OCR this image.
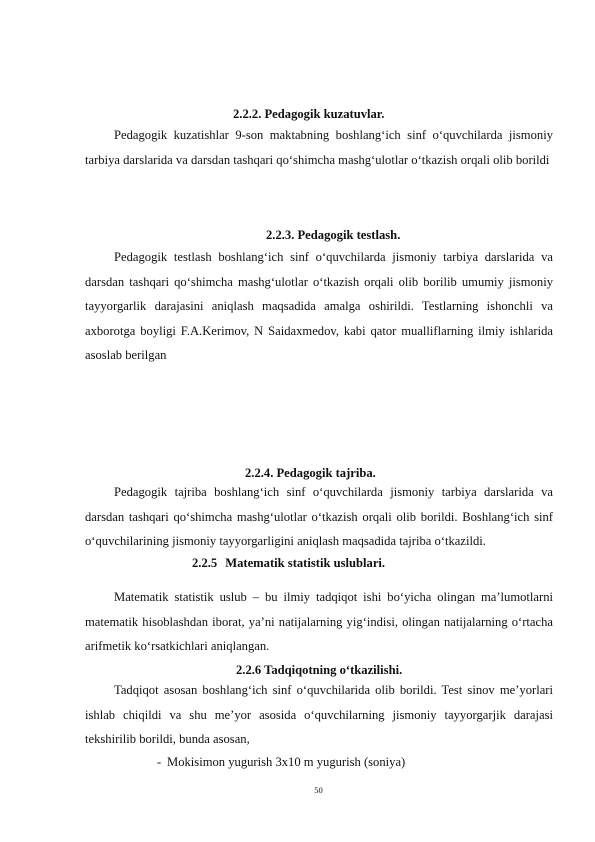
2.2.2. Pedagogik kuzatuvlar.

Pedagogik kuzatishlar 9-son maktabning boshlang‘ich sinf o‘quvchilarda jismoniy tarbiya darslarida va darsdan tashqari qo‘shimcha mashg‘ulotlar o‘tkazish orqali olib borildi

2.2.3. Pedagogik testlash.

Pedagogik testlash boshlang‘ich sinf o‘quvchilarda jismoniy tarbiya darslarida va darsdan tashqari qo‘shimcha mashg‘ulotlar o‘tkazish orqali olib borilib umumiy jismoniy tayyorgarlik darajasini aniqlash maqsadida amalga oshirildi. Testlarning ishonchli va axborotga boyligi F.A.Kerimov, N Saidaxmedov, kabi qator mualliflarning ilmiy ishlarida asoslab berilgan

2.2.4. Pedagogik tajriba.

Pedagogik tajriba boshlang‘ich sinf o‘quvchilarda jismoniy tarbiya darslarida va darsdan tashqari qo‘shimcha mashg‘ulotlar o‘tkazish orqali olib borildi. Boshlang‘ich sinf o‘quvchilarining jismoniy tayyorgarligini aniqlash maqsadida tajriba o‘tkazildi.

2.2.5 Matematik statistik uslublari.

Matematik statistik uslub – bu ilmiy tadqiqot ishi bo‘yicha olingan ma’lumotlarni matematik hisoblashdan iborat, ya’ni natijalarning yig‘indisi, olingan natijalarning o‘rtacha arifmetik ko‘rsatkichlari aniqlangan.

2.2.6 Tadqiqotning o‘tkazilishi.

Tadqiqot asosan boshlang‘ich sinf o‘quvchilarida olib borildi. Test sinov me’yorlari ishlab chiqildi va shu me’yor asosida o‘quvchilarning jismoniy tayyorgarjik darajasi tekshirilib borildi, bunda asosan,

- Mokisimon yugurish 3x10 m yugurish (soniya)
50
